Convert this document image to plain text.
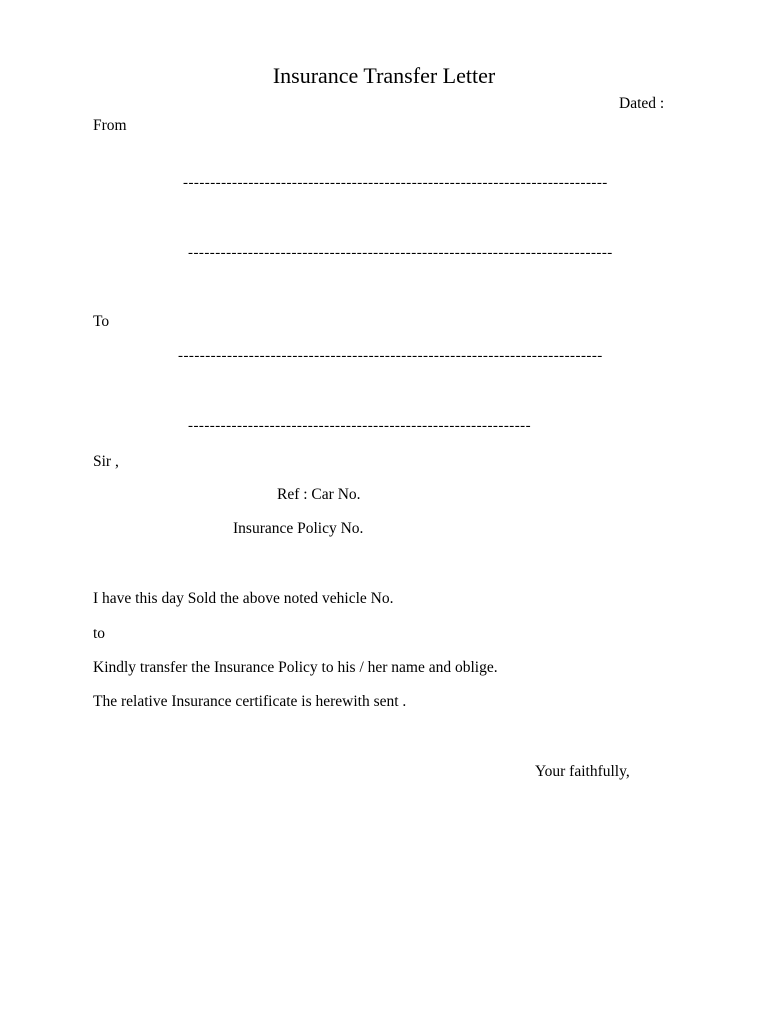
Insurance Transfer Letter
Dated :
From
------------------------------------------------------------------------------
------------------------------------------------------------------------------
To
------------------------------------------------------------------------------
---------------------------------------------------------------
Sir ,
Ref : Car No.
Insurance Policy No.
I have this day Sold the above noted vehicle No.
to
Kindly transfer the Insurance Policy to his / her name and oblige.
The relative Insurance certificate is herewith sent .
Your faithfully,
